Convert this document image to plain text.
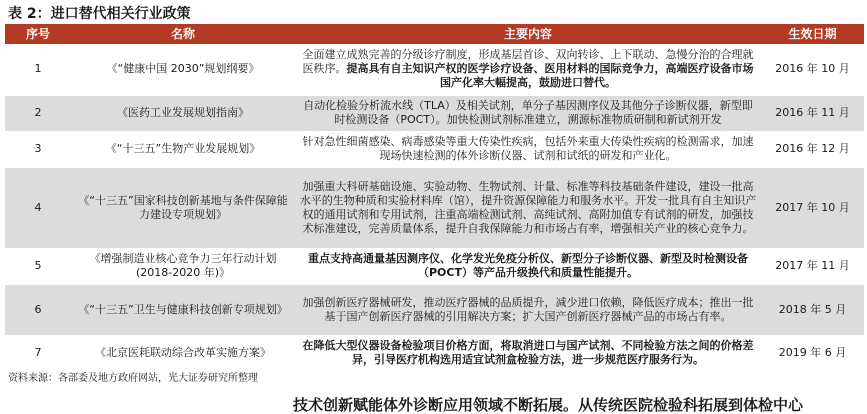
表 2：进口替代相关行业政策
序号	名称	主要内容	生效日期
1	《“健康中国 2030”规划纲要》	全面建立成熟完善的分级诊疗制度，形成基层首诊、双向转诊、上下联动、急慢分治的合理就医秩序。提高具有自主知识产权的医学诊疗设备、医用材料的国际竞争力，高端医疗设备市场国产化率大幅提高，鼓励进口替代。	2016 年 10 月
2	《医药工业发展规划指南》	自动化检验分析流水线（TLA）及相关试剂，单分子基因测序仪及其他分子诊断仪器，新型即时检测设备（POCT）。加快检测试剂标准建立，溯源标准物质研制和新试剂开发	2016 年 11 月
3	《“十三五”生物产业发展规划》	针对急性细菌感染、病毒感染等重大传染性疾病，包括外来重大传染性疾病的检测需求，加速现场快速检测的体外诊断仪器、试剂和试纸的研发和产业化。	2016 年 12 月
4	《“十三五”国家科技创新基地与条件保障能力建设专项规划》	加强重大科研基础设施、实验动物、生物试剂、计量、标准等科技基础条件建设，建设一批高水平的生物种质和实验材料库（馆），提升资源保障能力和服务水平。开发一批具有自主知识产权的通用试剂和专用试剂，注重高端检测试剂、高纯试剂、高附加值专有试剂的研发，加强技术标准建设，完善质量体系，提升自我保障能力和市场占有率，增强相关产业的核心竞争力。	2017 年 10 月
5	《增强制造业核心竞争力三年行动计划(2018-2020 年)》	重点支持高通量基因测序仪、化学发光免疫分析仪、新型分子诊断仪器、新型及时检测设备（POCT）等产品升级换代和质量性能提升。	2017 年 11 月
6	《“十三五”卫生与健康科技创新专项规划》	加强创新医疗器械研发，推动医疗器械的品质提升，减少进口依赖，降低医疗成本；推出一批基于国产创新医疗器械的引用解决方案；扩大国产创新医疗器械产品的市场占有率。	2018 年 5 月
7	《北京医耗联动综合改革实施方案》	在降低大型仪器设备检验项目价格方面，将取消进口与国产试剂、不同检验方法之间的价格差异，引导医疗机构选用适宜试剂盒检验方法，进一步规范医疗服务行为。	2019 年 6 月
资料来源：各部委及地方政府网站，光大证券研究所整理
技术创新赋能体外诊断应用领域不断拓展。从传统医院检验科拓展到体检中心
